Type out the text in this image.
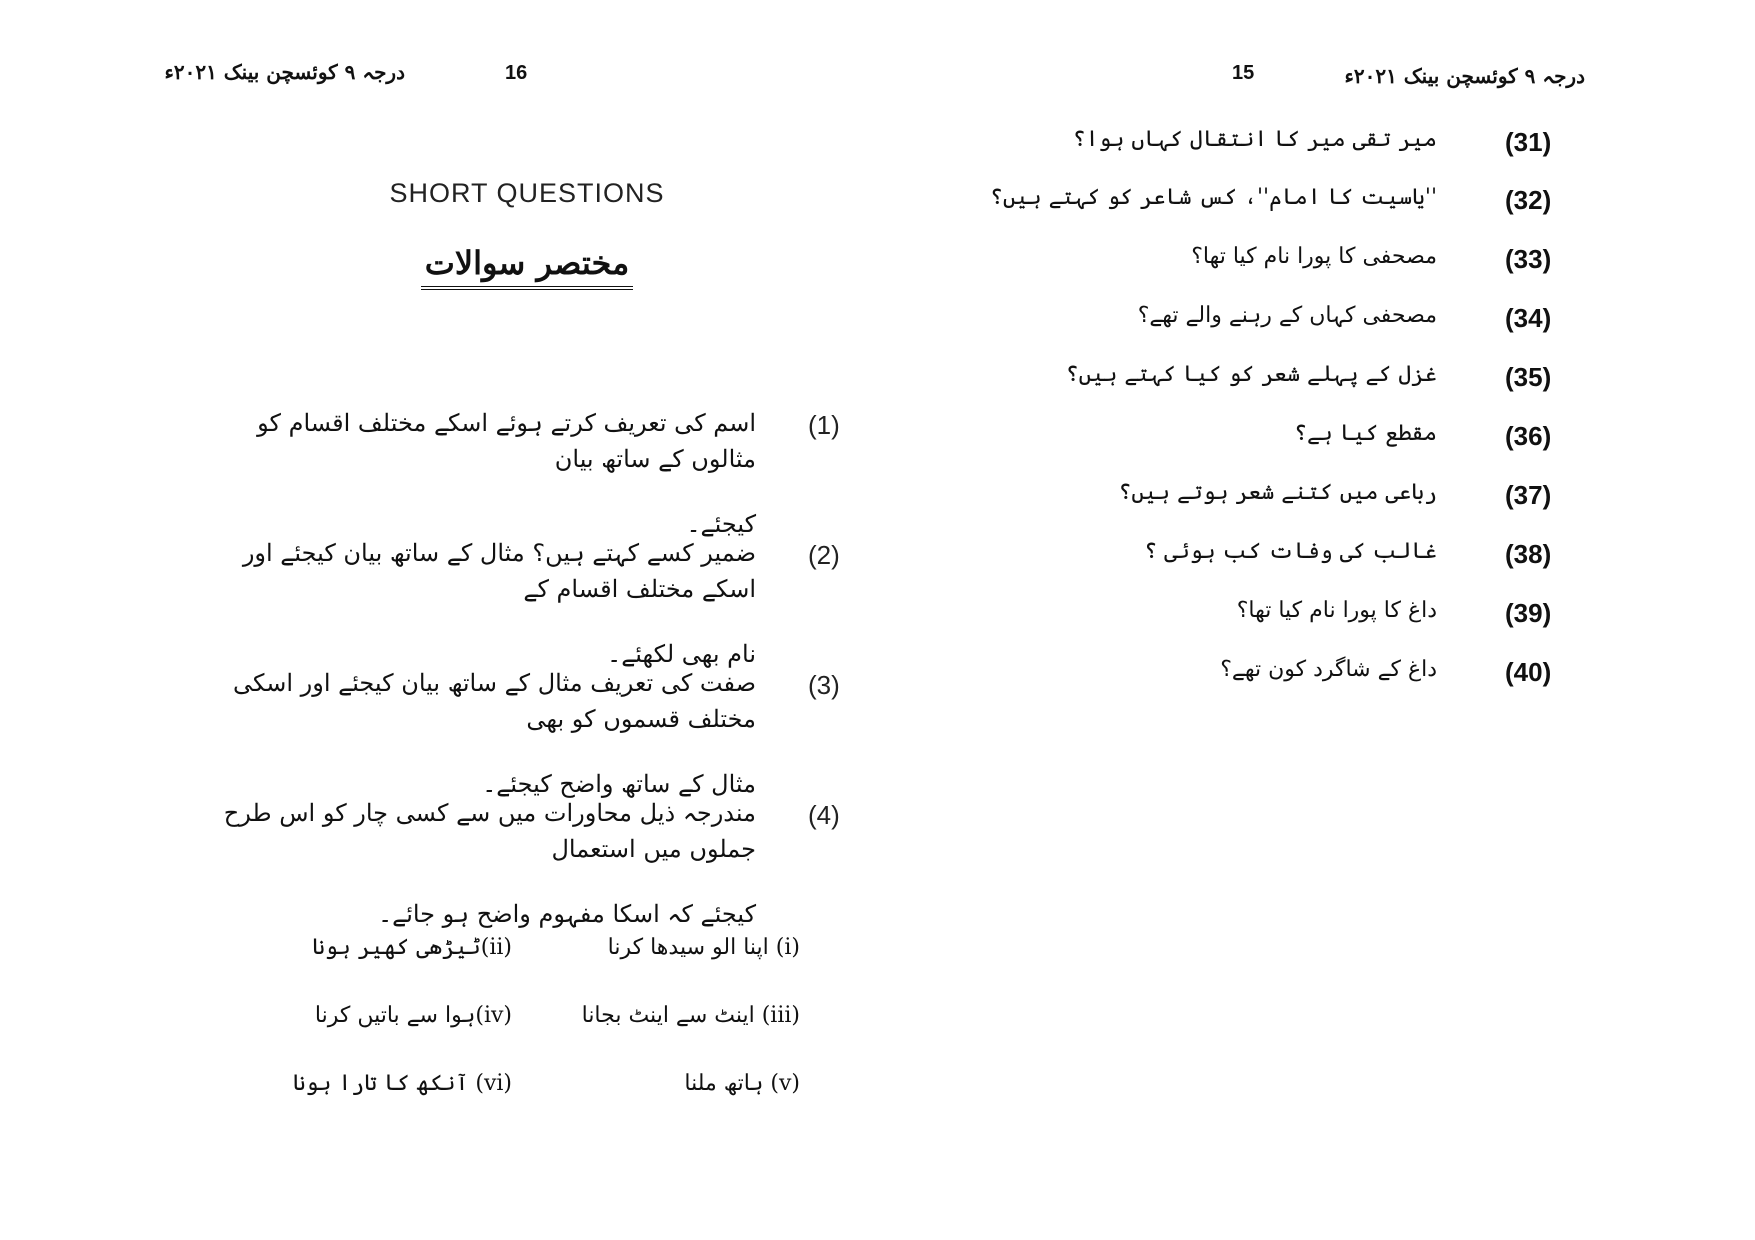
درجہ ۹ کوئسچن بینک ۲۰۲۱ء	16
SHORT QUESTIONS
مختصر سوالات
(1)
اسم کی تعریف کرتے ہوئے اسکے مختلف اقسام کو مثالوں کے ساتھ بیان
کیجئے۔
(2)
ضمیر کسے کہتے ہیں؟ مثال کے ساتھ بیان کیجئے اور اسکے مختلف اقسام کے
نام بھی لکھئے۔
(3)
صفت کی تعریف مثال کے ساتھ بیان کیجئے اور اسکی مختلف قسموں کو بھی
مثال کے ساتھ واضح کیجئے۔
(4)
مندرجہ ذیل محاورات میں سے کسی چار کو اس طرح جملوں میں استعمال
کیجئے کہ اسکا مفہوم واضح ہو جائے۔
(i) اپنا الو سیدھا کرنا
(ii)ٹیڑھی کھیر ہونا
(iii) اینٹ سے اینٹ بجانا
(iv)ہوا سے باتیں کرنا
(v) ہاتھ ملنا
(vi) آنکھ کا تارا ہونا
15	درجہ ۹ کوئسچن بینک ۲۰۲۱ء
(31)
میر تقی میر کا انتقال کہاں ہوا؟
(32)
''یاسیت کا امام''، کس شاعر کو کہتے ہیں؟
(33)
مصحفی کا پورا نام کیا تھا؟
(34)
مصحفی کہاں کے رہنے والے تھے؟
(35)
غزل کے پہلے شعر کو کیا کہتے ہیں؟
(36)
مقطع کیا ہے؟
(37)
رباعی میں کتنے شعر ہوتے ہیں؟
(38)
غالب کی وفات کب ہوئی ؟
(39)
داغ کا پورا نام کیا تھا؟
(40)
داغ کے شاگرد کون تھے؟
